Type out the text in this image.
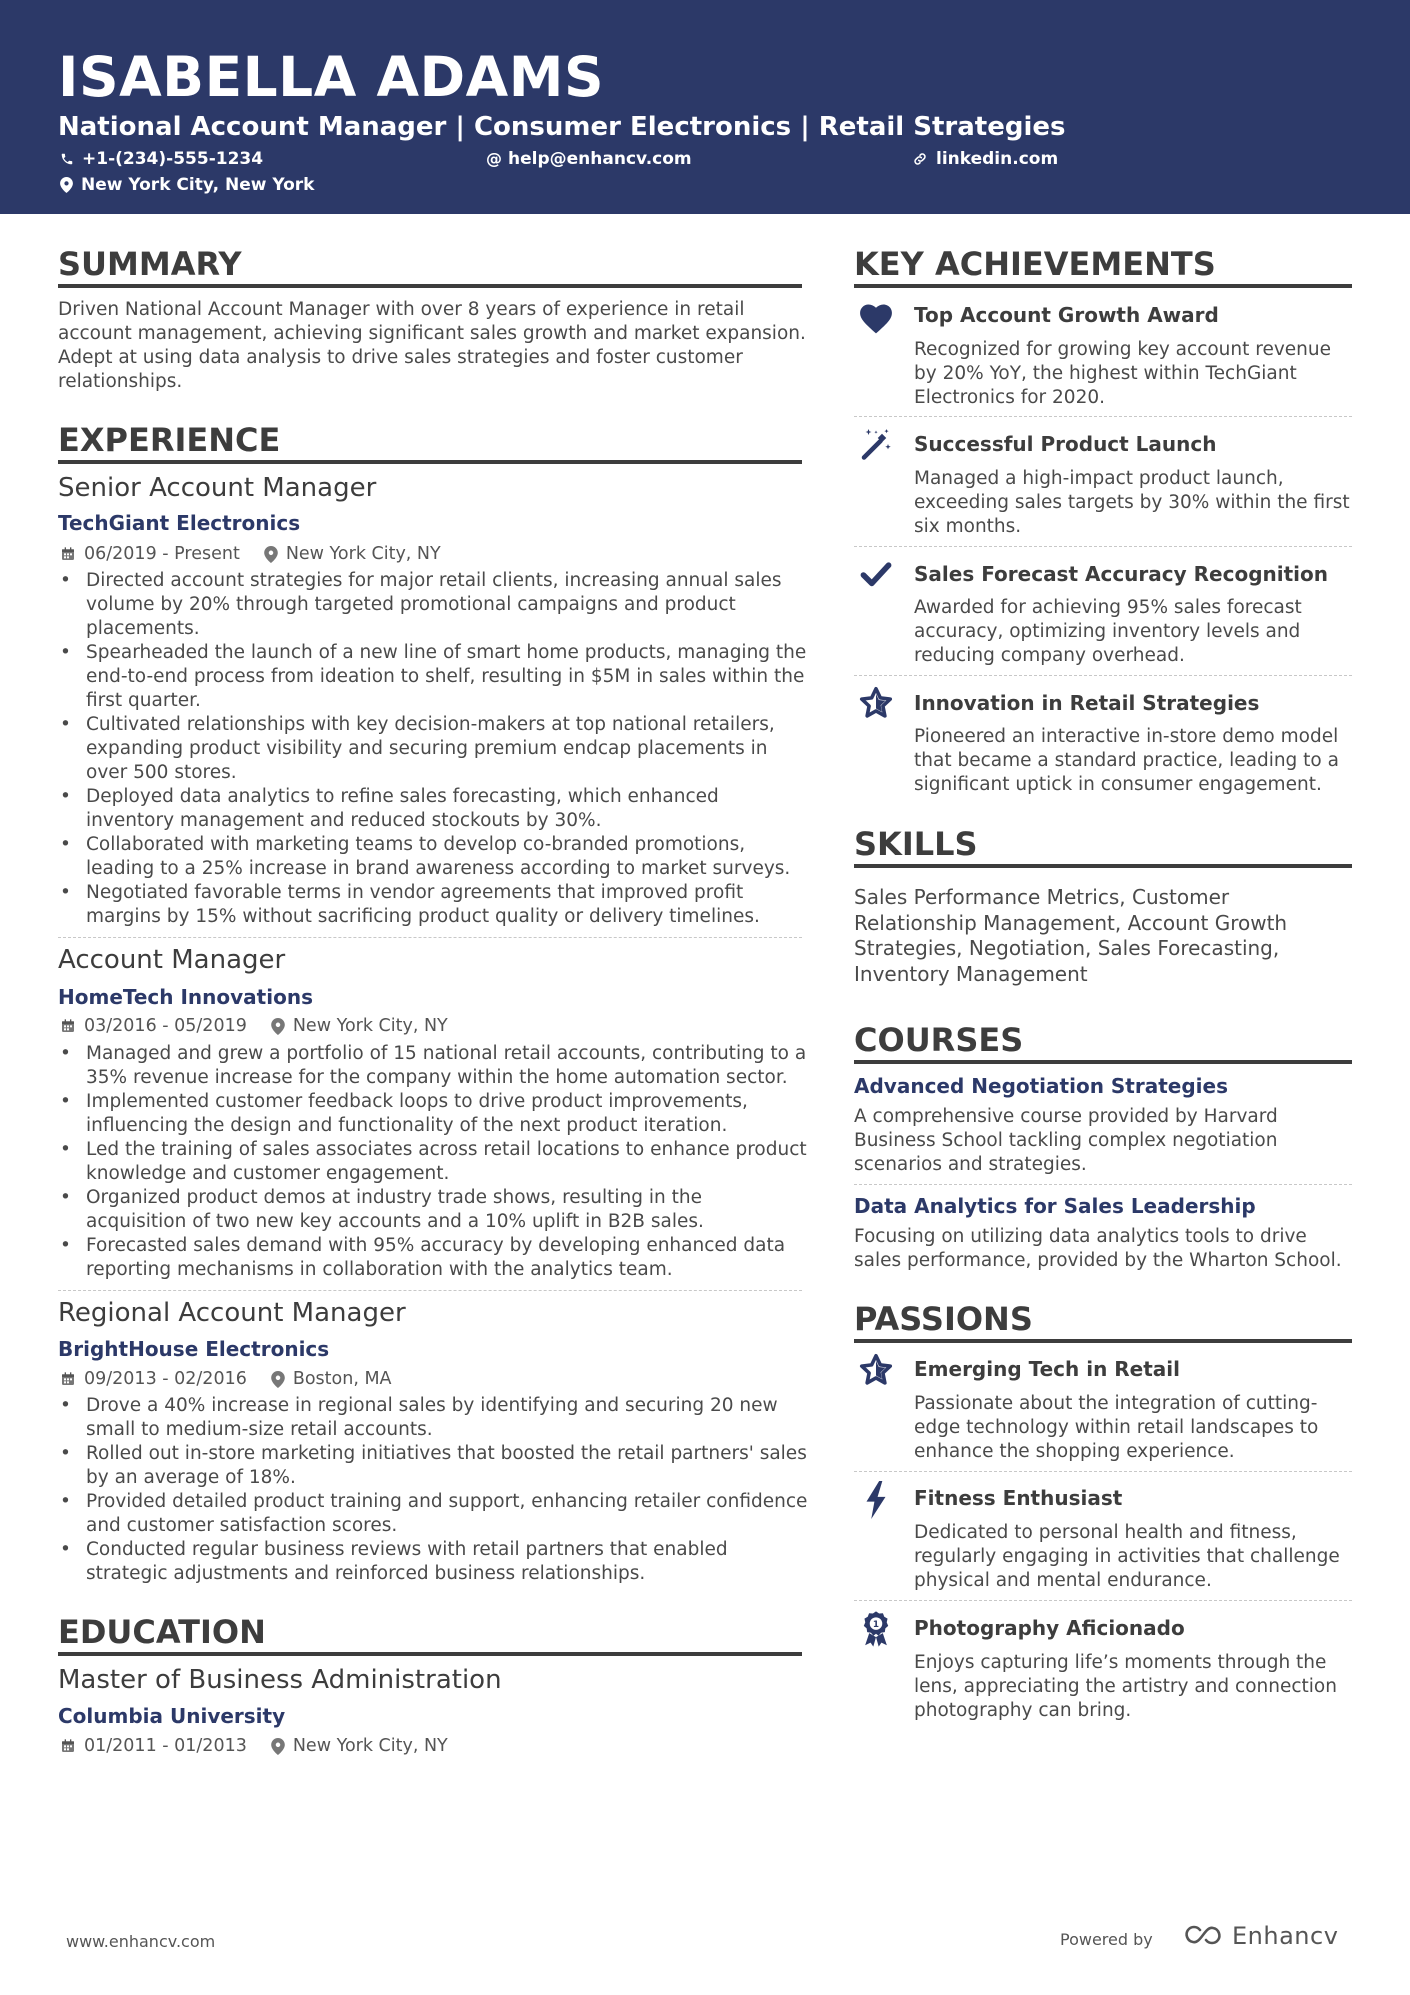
ISABELLA ADAMS
National Account Manager | Consumer Electronics | Retail Strategies
+1-(234)-555-1234	@ help@enhancv.com	linkedin.com
New York City, New York
SUMMARY
Driven National Account Manager with over 8 years of experience in retail account management, achieving significant sales growth and market expansion. Adept at using data analysis to drive sales strategies and foster customer relationships.
EXPERIENCE
Senior Account Manager
TechGiant Electronics
06/2019 - Present	New York City, NY
• Directed account strategies for major retail clients, increasing annual sales volume by 20% through targeted promotional campaigns and product placements.
• Spearheaded the launch of a new line of smart home products, managing the end-to-end process from ideation to shelf, resulting in $5M in sales within the first quarter.
• Cultivated relationships with key decision-makers at top national retailers, expanding product visibility and securing premium endcap placements in over 500 stores.
• Deployed data analytics to refine sales forecasting, which enhanced inventory management and reduced stockouts by 30%.
• Collaborated with marketing teams to develop co-branded promotions, leading to a 25% increase in brand awareness according to market surveys.
• Negotiated favorable terms in vendor agreements that improved profit margins by 15% without sacrificing product quality or delivery timelines.
Account Manager
HomeTech Innovations
03/2016 - 05/2019	New York City, NY
• Managed and grew a portfolio of 15 national retail accounts, contributing to a 35% revenue increase for the company within the home automation sector.
• Implemented customer feedback loops to drive product improvements, influencing the design and functionality of the next product iteration.
• Led the training of sales associates across retail locations to enhance product knowledge and customer engagement.
• Organized product demos at industry trade shows, resulting in the acquisition of two new key accounts and a 10% uplift in B2B sales.
• Forecasted sales demand with 95% accuracy by developing enhanced data reporting mechanisms in collaboration with the analytics team.
Regional Account Manager
BrightHouse Electronics
09/2013 - 02/2016	Boston, MA
• Drove a 40% increase in regional sales by identifying and securing 20 new small to medium-size retail accounts.
• Rolled out in-store marketing initiatives that boosted the retail partners' sales by an average of 18%.
• Provided detailed product training and support, enhancing retailer confidence and customer satisfaction scores.
• Conducted regular business reviews with retail partners that enabled strategic adjustments and reinforced business relationships.
EDUCATION
Master of Business Administration
Columbia University
01/2011 - 01/2013	New York City, NY
KEY ACHIEVEMENTS
Top Account Growth Award
Recognized for growing key account revenue by 20% YoY, the highest within TechGiant Electronics for 2020.
Successful Product Launch
Managed a high-impact product launch, exceeding sales targets by 30% within the first six months.
Sales Forecast Accuracy Recognition
Awarded for achieving 95% sales forecast accuracy, optimizing inventory levels and reducing company overhead.
Innovation in Retail Strategies
Pioneered an interactive in-store demo model that became a standard practice, leading to a significant uptick in consumer engagement.
SKILLS
Sales Performance Metrics, Customer Relationship Management, Account Growth Strategies, Negotiation, Sales Forecasting, Inventory Management
COURSES
Advanced Negotiation Strategies
A comprehensive course provided by Harvard Business School tackling complex negotiation scenarios and strategies.
Data Analytics for Sales Leadership
Focusing on utilizing data analytics tools to drive sales performance, provided by the Wharton School.
PASSIONS
Emerging Tech in Retail
Passionate about the integration of cutting-edge technology within retail landscapes to enhance the shopping experience.
Fitness Enthusiast
Dedicated to personal health and fitness, regularly engaging in activities that challenge physical and mental endurance.
1 Photography Aficionado
Enjoys capturing life’s moments through the lens, appreciating the artistry and connection photography can bring.
www.enhancv.com	Powered by	Enhancv
